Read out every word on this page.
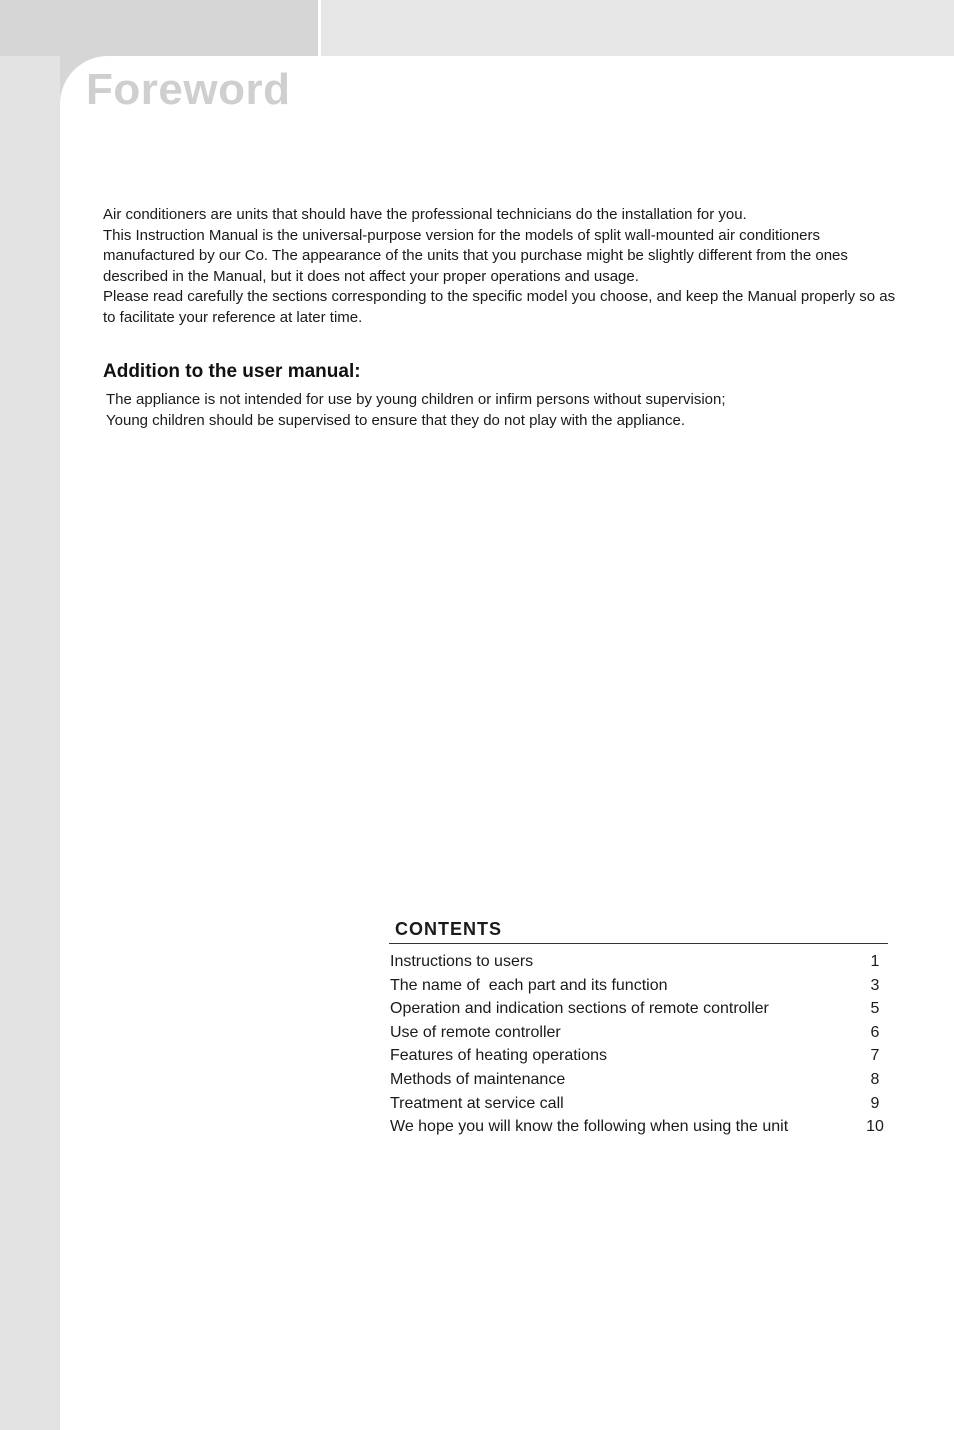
Foreword

Air conditioners are units that should have the professional technicians do the installation for you.

This Instruction Manual is the universal-purpose version for the models of split wall-mounted air conditioners manufactured by our Co. The appearance of the units that you purchase might be slightly different from the ones described in the Manual, but it does not affect your proper operations and usage.

Please read carefully the sections corresponding to the specific model you choose, and keep the Manual properly so as to facilitate your reference at later time.

Addition to the user manual:

The appliance is not intended for use by young children or infirm persons without supervision;

Young children should be supervised to ensure that they do not play with the appliance.

CONTENTS
Instructions to users	1
The name of  each part and its function	3
Operation and indication sections of remote controller	5
Use of remote controller	6
Features of heating operations	7
Methods of maintenance	8
Treatment at service call	9
We hope you will know the following when using the unit	10
